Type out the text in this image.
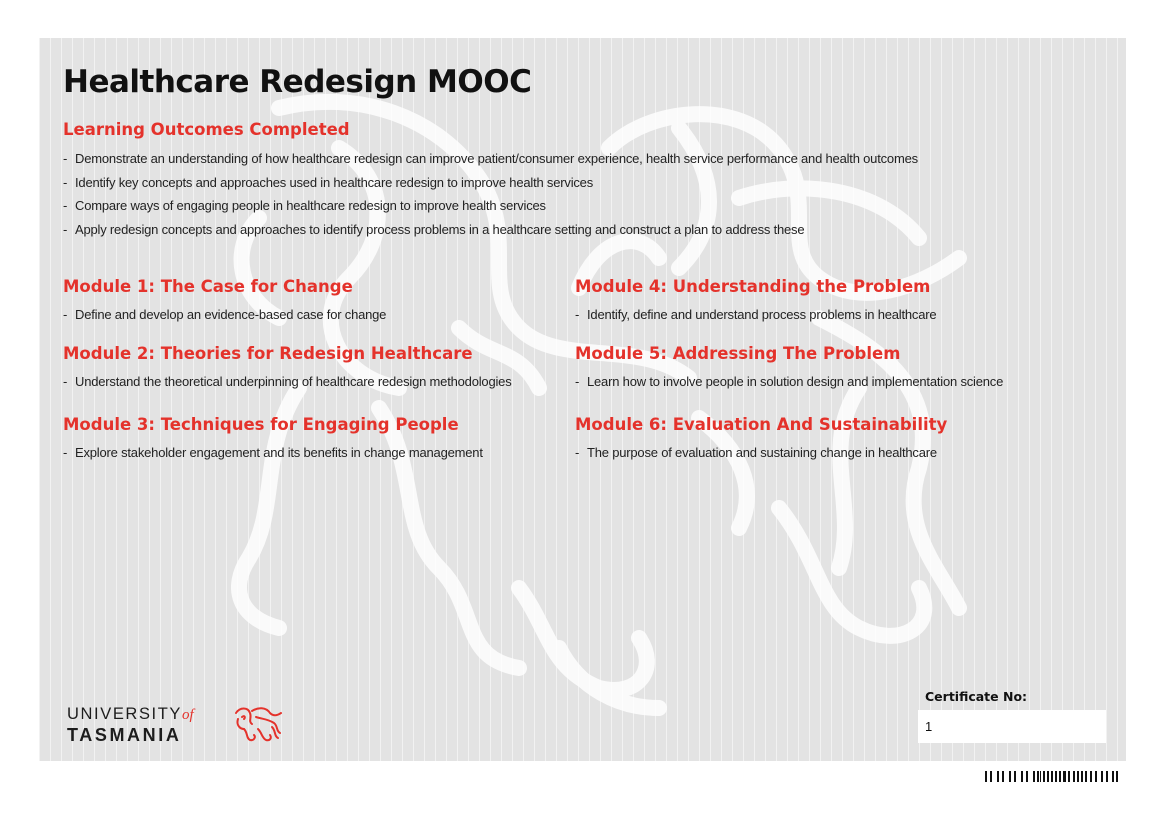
Healthcare Redesign MOOC
Learning Outcomes Completed
- Demonstrate an understanding of how healthcare redesign can improve patient/consumer experience, health service performance and health outcomes
- Identify key concepts and approaches used in healthcare redesign to improve health services
- Compare ways of engaging people in healthcare redesign to improve health services
- Apply redesign concepts and approaches to identify process problems in a healthcare setting and construct a plan to address these
Module 1: The Case for Change
- Define and develop an evidence-based case for change
Module 2: Theories for Redesign Healthcare
- Understand the theoretical underpinning of healthcare redesign methodologies
Module 3: Techniques for Engaging People
- Explore stakeholder engagement and its benefits in change management
Module 4: Understanding the Problem
- Identify, define and understand process problems in healthcare
Module 5: Addressing The Problem
- Learn how to involve people in solution design and implementation science
Module 6: Evaluation And Sustainability
- The purpose of evaluation and sustaining change in healthcare
UNIVERSITYof
TASMANIA
Certificate No:
1
